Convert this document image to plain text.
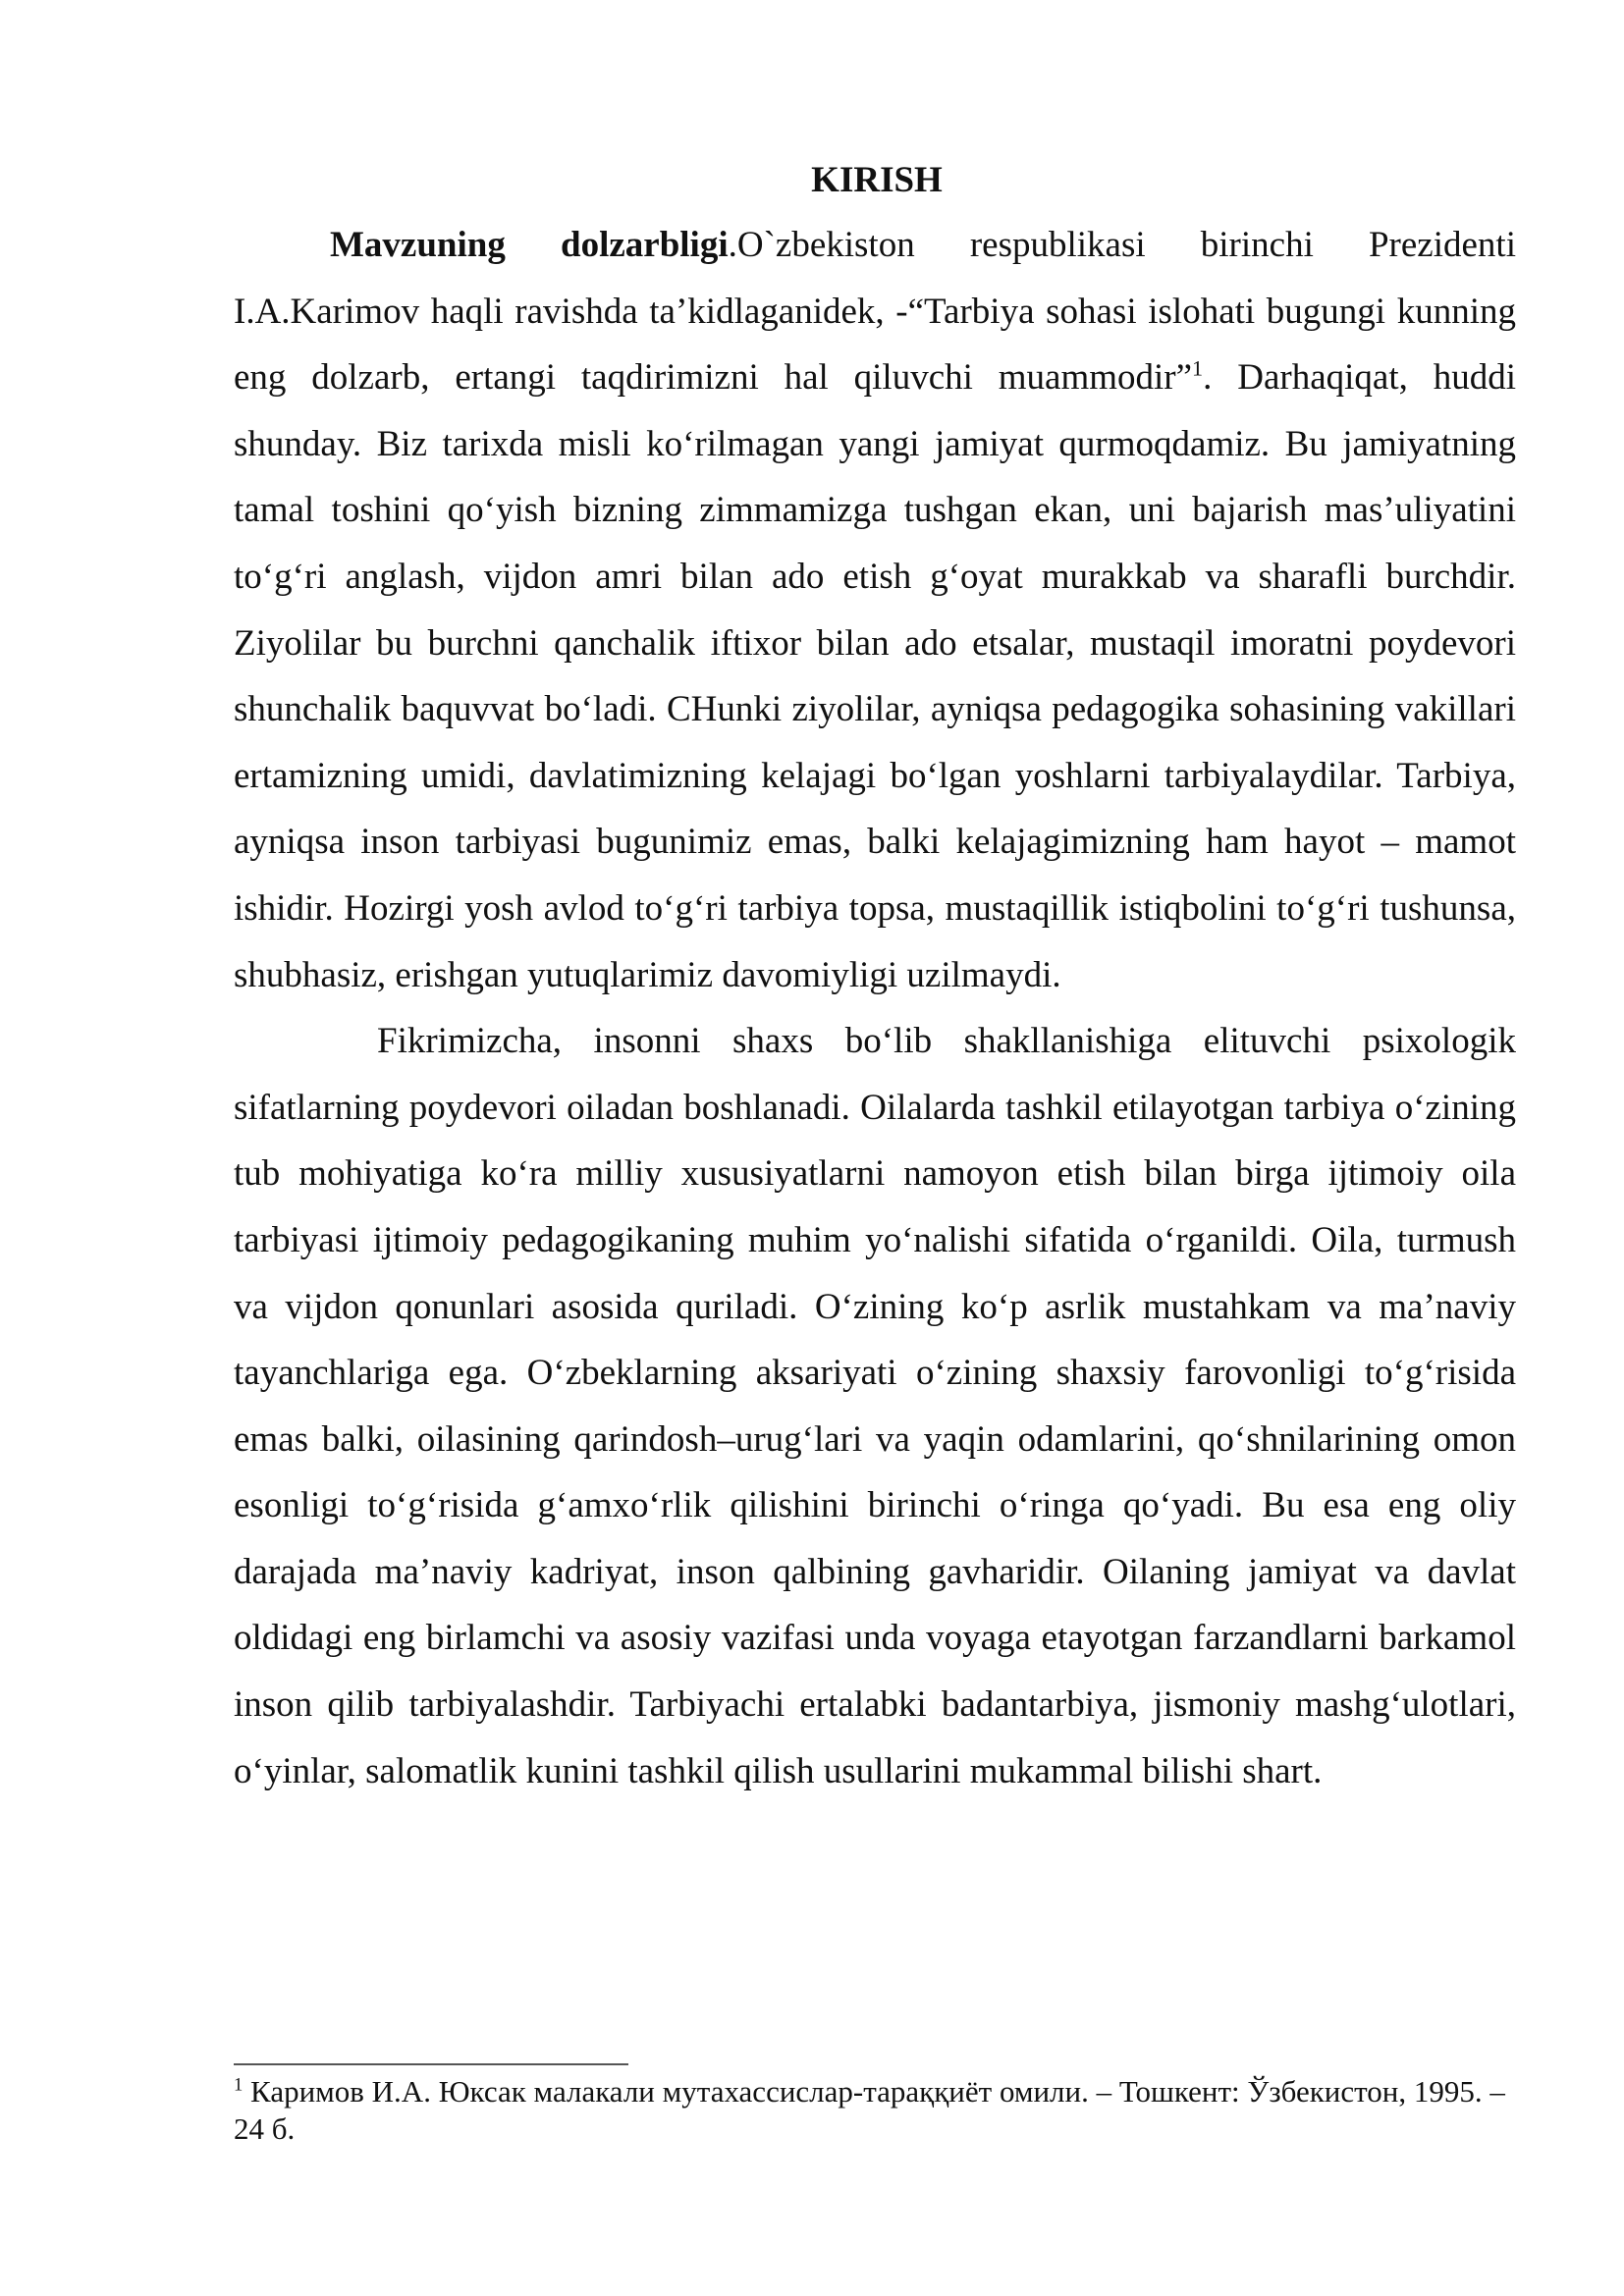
KIRISH

Mavzuning dolzarbligi.O`zbekiston respublikasi birinchi Prezidenti I.A.Karimov haqli ravishda ta’kidlaganidek, -“Tarbiya sohasi islohati bugungi kunning eng dolzarb, ertangi taqdirimizni hal qiluvchi muammodir”$^1$. Darhaqiqat, huddi shunday. Biz tarixda misli ko‘rilmagan yangi jamiyat qurmoqdamiz. Bu jamiyatning tamal toshini qo‘yish bizning zimmamizga tushgan ekan, uni bajarish mas’uliyatini to‘g‘ri anglash, vijdon amri bilan ado etish g‘oyat murakkab va sharafli burchdir. Ziyolilar bu burchni qanchalik iftixor bilan ado etsalar, mustaqil imoratni poydevori shunchalik baquvvat bo‘ladi. CHunki ziyolilar, ayniqsa pedagogika sohasining vakillari ertamizning umidi, davlatimizning kelajagi bo‘lgan yoshlarni tarbiyalaydilar. Tarbiya, ayniqsa inson tarbiyasi bugunimiz emas, balki kelajagimizning ham hayot – mamot ishidir. Hozirgi yosh avlod to‘g‘ri tarbiya topsa, mustaqillik istiqbolini to‘g‘ri tushunsa, shubhasiz, erishgan yutuqlarimiz davomiyligi uzilmaydi.

Fikrimizcha, insonni shaxs bo‘lib shakllanishiga elituvchi psixologik sifatlarning poydevori oiladan boshlanadi. Oilalarda tashkil etilayotgan tarbiya o‘zining tub mohiyatiga ko‘ra milliy xususiyatlarni namoyon etish bilan birga ijtimoiy oila tarbiyasi ijtimoiy pedagogikaning muhim yo‘nalishi sifatida o‘rganildi. Oila, turmush va vijdon qonunlari asosida quriladi. O‘zining ko‘p asrlik mustahkam va ma’naviy tayanchlariga ega. O‘zbeklarning aksariyati o‘zining shaxsiy farovonligi to‘g‘risida emas balki, oilasining qarindosh–urug‘lari va yaqin odamlarini, qo‘shnilarining omon esonligi to‘g‘risida g‘amxo‘rlik qilishini birinchi o‘ringa qo‘yadi. Bu esa eng oliy darajada ma’naviy kadriyat, inson qalbining gavharidir. Oilaning jamiyat va davlat oldidagi eng birlamchi va asosiy vazifasi unda voyaga etayotgan farzandlarni barkamol inson qilib tarbiyalashdir. Tarbiyachi ertalabki badantarbiya, jismoniy mashg‘ulotlari, o‘yinlar, salomatlik kunini tashkil qilish usullarini mukammal bilishi shart.

$^1$ Каримов И.А. Юксак малакали мутахассислар-тараққиёт омили. – Тошкент: Ўзбекистон, 1995. – 24 б.
